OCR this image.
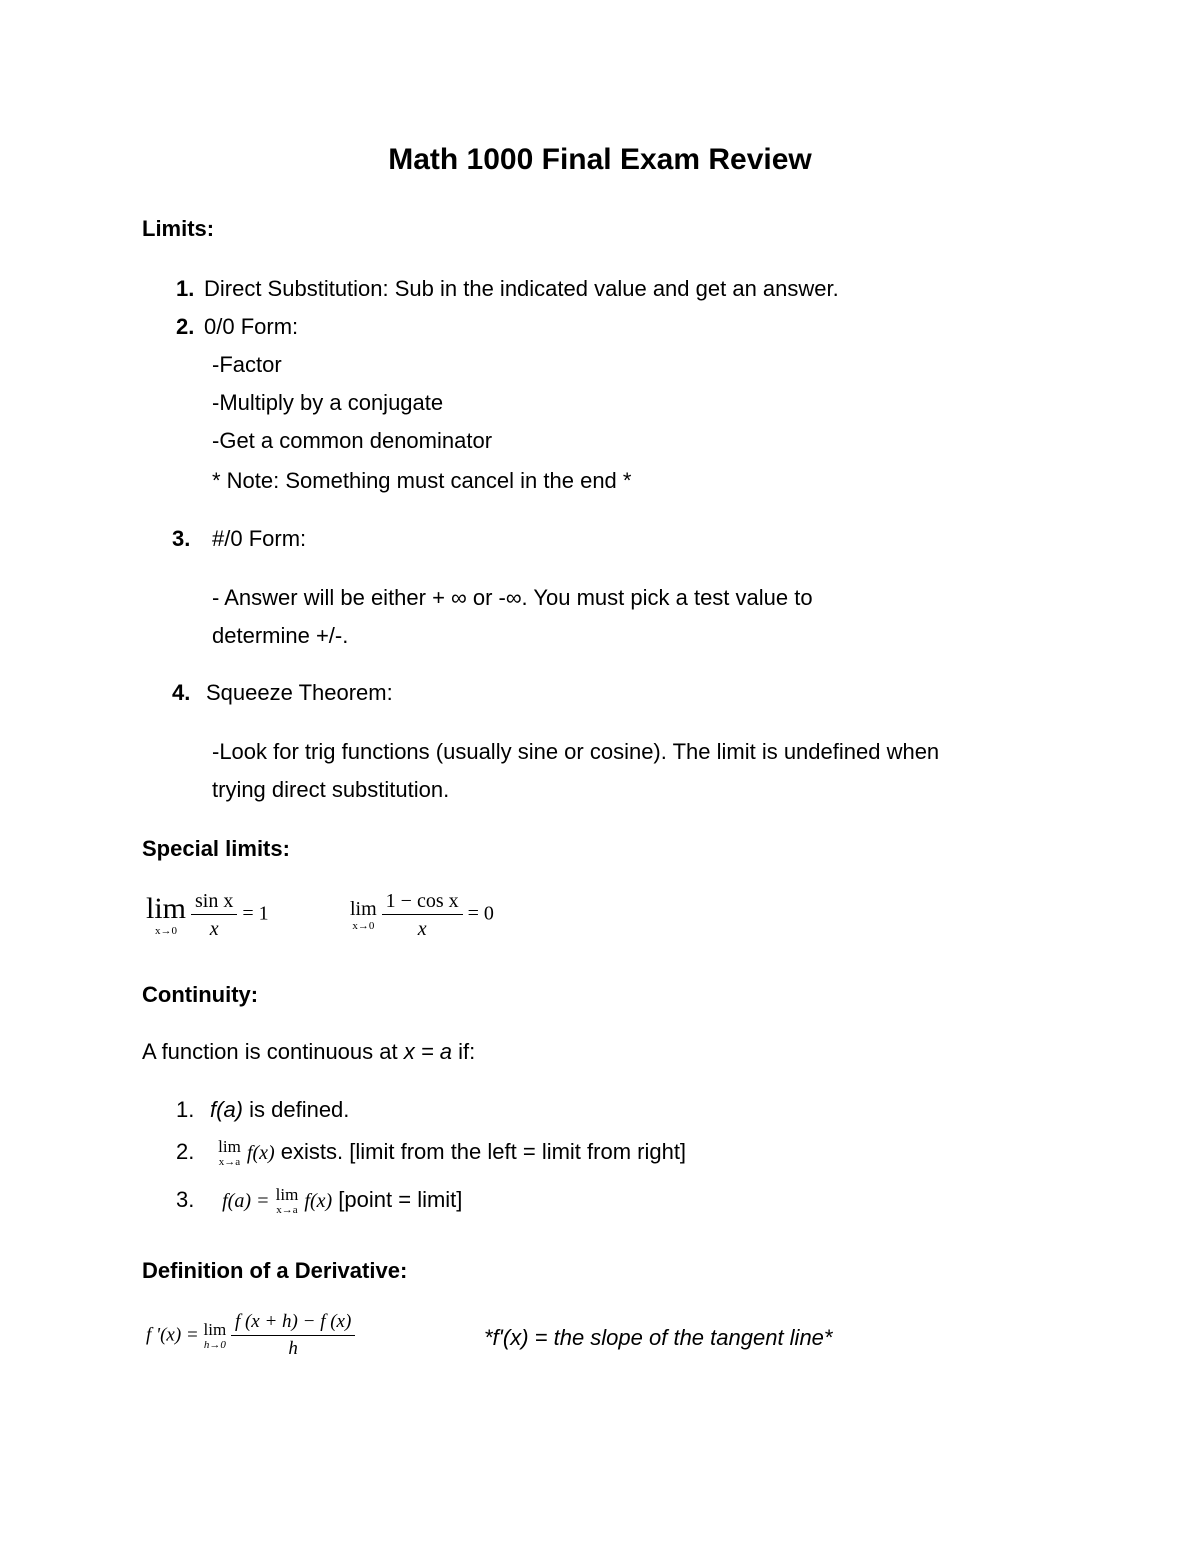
Math 1000 Final Exam Review
Limits:
1. Direct Substitution: Sub in the indicated value and get an answer.
2. 0/0 Form:
-Factor
-Multiply by a conjugate
-Get a common denominator
* Note: Something must cancel in the end *
3. #/0 Form:
- Answer will be either + ∞ or -∞. You must pick a test value to
determine +/-.
4. Squeeze Theorem:
-Look for trig functions (usually sine or cosine). The limit is undefined when
trying direct substitution.
Special limits:
lim
x→0
$\frac{\text{sin x}}{x} = 1$	lim
x→0
$\frac{\text{1 − cos x}}{x} = 0$
Continuity:
A function is continuous at x = a if:
1. f(a) is defined.
2. lim
x→a f(x) exists. [limit from the left = limit from right]
3. f(a) = lim
x→a f(x) [point = limit]
Definition of a Derivative:
f '(x) = lim
h→0
$\frac{f (x + h) - f (x)}{h}$	*f'(x) = the slope of the tangent line*
